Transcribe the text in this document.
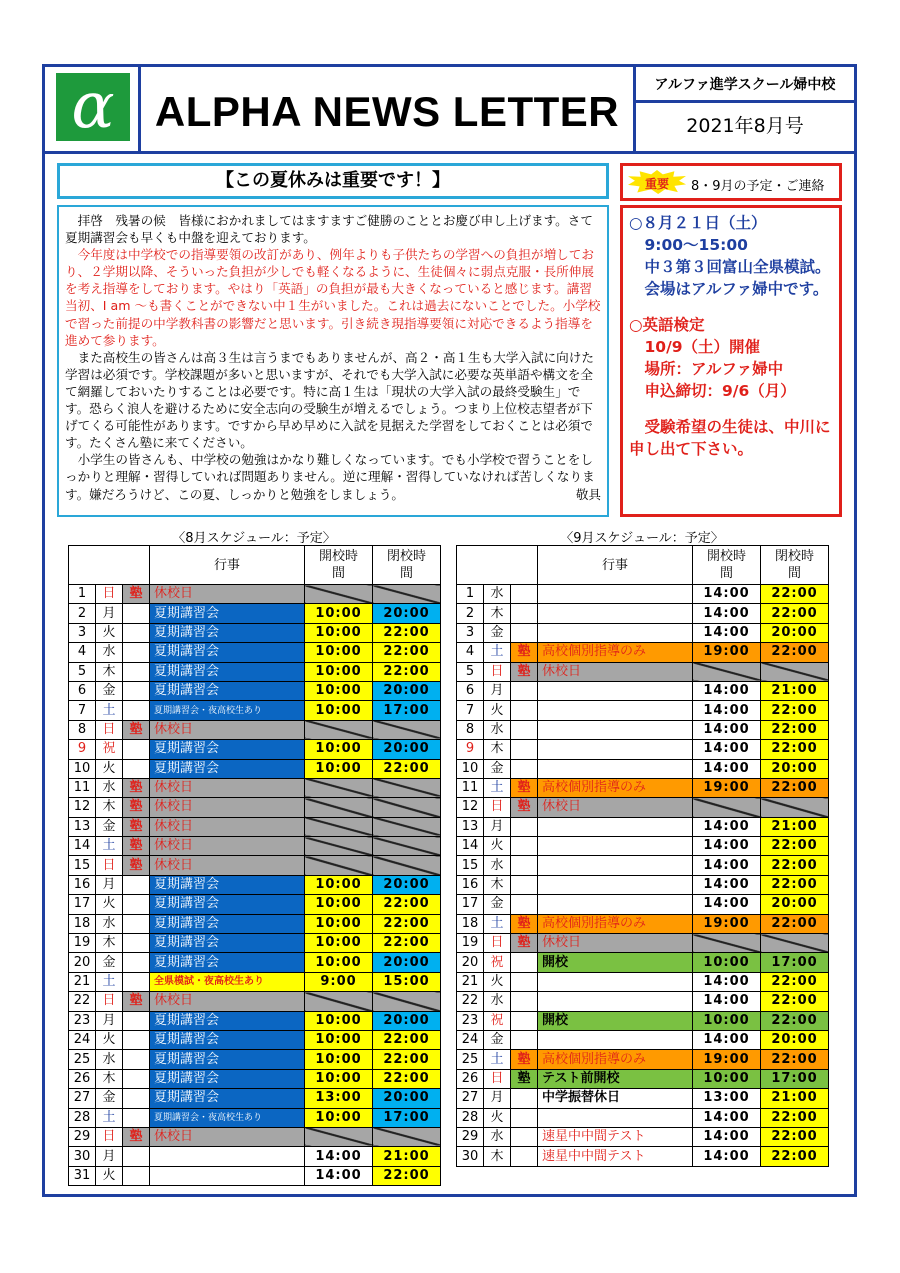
α ALPHA NEWS LETTER
アルファ進学スクール婦中校
2021年8月号
【この夏休みは重要です！】

　拝啓　残暑の候　皆様におかれましてはますますご健勝のこととお慶び申し上げます。さて夏期講習会も早くも中盤を迎えております。

　今年度は中学校での指導要領の改訂があり、例年よりも子供たちの学習への負担が増しており、２学期以降、そういった負担が少しでも軽くなるように、生徒個々に弱点克服・長所伸展を考え指導をしております。やはり「英語」の負担が最も大きくなっていると感じます。講習当初、I am ～も書くことができない中１生がいました。これは過去にないことでした。小学校で習った前提の中学教科書の影響だと思います。引き続き現指導要領に対応できるよう指導を進めて参ります。

　また高校生の皆さんは高３生は言うまでもありませんが、高２・高１生も大学入試に向けた学習は必須です。学校課題が多いと思いますが、それでも大学入試に必要な英単語や構文を全て網羅しておいたりすることは必要です。特に高１生は「現状の大学入試の最終受験生」です。恐らく浪人を避けるために安全志向の受験生が増えるでしょう。つまり上位校志望者が下げてくる可能性があります。ですから早め早めに入試を見据えた学習をしておくことは必須です。たくさん塾に来てください。

　小学生の皆さんも、中学校の勉強はかなり難しくなっています。でも小学校で習うことをしっかりと理解・習得していれば問題ありません。逆に理解・習得していなければ苦しくなります。嫌だろうけど、この夏、しっかりと勉強をしましょう。	敬具

重要	8・9月の予定・ご連絡

○８月２１日（土）

　9:00～15:00

　中３第３回富山全県模試。

　会場はアルファ婦中です。

○英語検定

　10/9（土）開催

　場所：アルファ婦中

　申込締切：9/6（月）

　受験希望の生徒は、中川に申し出て下さい。

〈8月スケジュール：予定〉	〈9月スケジュール：予定〉
			行事	開校時間	閉校時間
1	日	塾	休校日		
2	月		夏期講習会	10:00	20:00
3	火		夏期講習会	10:00	22:00
4	水		夏期講習会	10:00	22:00
5	木		夏期講習会	10:00	22:00
6	金		夏期講習会	10:00	20:00
7	土		夏期講習会・夜高校生あり	10:00	17:00
8	日	塾	休校日		
9	祝		夏期講習会	10:00	20:00
10	火		夏期講習会	10:00	22:00
11	水	塾	休校日		
12	木	塾	休校日		
13	金	塾	休校日		
14	土	塾	休校日		
15	日	塾	休校日		
16	月		夏期講習会	10:00	20:00
17	火		夏期講習会	10:00	22:00
18	水		夏期講習会	10:00	22:00
19	木		夏期講習会	10:00	22:00
20	金		夏期講習会	10:00	20:00
21	土		全県模試・夜高校生あり	9:00	15:00
22	日	塾	休校日		
23	月		夏期講習会	10:00	20:00
24	火		夏期講習会	10:00	22:00
25	水		夏期講習会	10:00	22:00
26	木		夏期講習会	10:00	22:00
27	金		夏期講習会	13:00	20:00
28	土		夏期講習会・夜高校生あり	10:00	17:00
29	日	塾	休校日		
30	月			14:00	21:00
31	火			14:00	22:00
			行事	開校時間	閉校時間
1	水			14:00	22:00
2	木			14:00	22:00
3	金			14:00	20:00
4	土	塾	高校個別指導のみ	19:00	22:00
5	日	塾	休校日		
6	月			14:00	21:00
7	火			14:00	22:00
8	水			14:00	22:00
9	木			14:00	22:00
10	金			14:00	20:00
11	土	塾	高校個別指導のみ	19:00	22:00
12	日	塾	休校日		
13	月			14:00	21:00
14	火			14:00	22:00
15	水			14:00	22:00
16	木			14:00	22:00
17	金			14:00	20:00
18	土	塾	高校個別指導のみ	19:00	22:00
19	日	塾	休校日		
20	祝		開校	10:00	17:00
21	火			14:00	22:00
22	水			14:00	22:00
23	祝		開校	10:00	22:00
24	金			14:00	20:00
25	土	塾	高校個別指導のみ	19:00	22:00
26	日	塾	テスト前開校	10:00	17:00
27	月		中学振替休日	13:00	21:00
28	火			14:00	22:00
29	水		速星中中間テスト	14:00	22:00
30	木		速星中中間テスト	14:00	22:00
